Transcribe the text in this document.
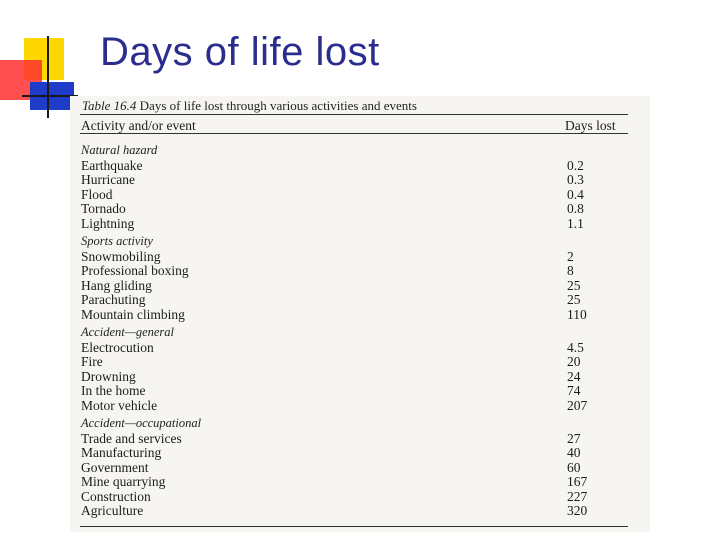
Days of life lost
Table 16.4 Days of life lost through various activities and events
Activity and/or event	Days lost
Natural hazard
Earthquake	0.2
Hurricane	0.3
Flood	0.4
Tornado	0.8
Lightning	1.1
Sports activity
Snowmobiling	2
Professional boxing	8
Hang gliding	25
Parachuting	25
Mountain climbing	110
Accident—general
Electrocution	4.5
Fire	20
Drowning	24
In the home	74
Motor vehicle	207
Accident—occupational
Trade and services	27
Manufacturing	40
Government	60
Mine quarrying	167
Construction	227
Agriculture	320
